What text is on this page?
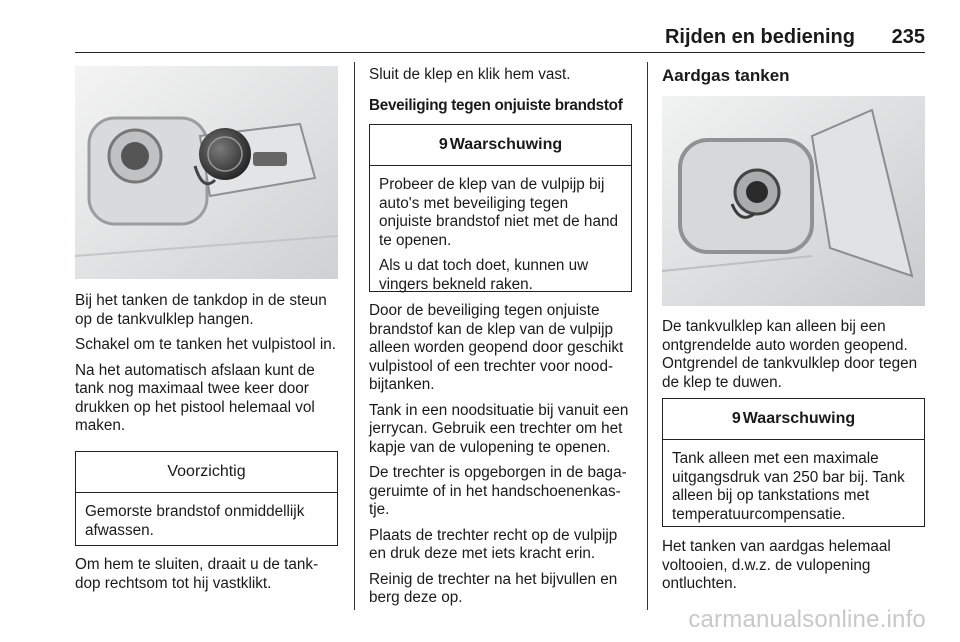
Rijden en bediening 235

Bij het tanken de tankdop in de steun op de tankvulklep hangen.

Schakel om te tanken het vulpistool in.

Na het automatisch afslaan kunt de tank nog maximaal twee keer door drukken op het pistool helemaal vol maken.

Voorzichtig

Gemorste brandstof onmiddellijk afwassen.

Om hem te sluiten, draait u de tank-dop rechtsom tot hij vastklikt.

Sluit de klep en klik hem vast.

Beveiliging tegen onjuiste brandstof
9 Waarschuwing

Probeer de klep van de vulpijp bij auto's met beveiliging tegen onjuiste brandstof niet met de hand te openen.

Als u dat toch doet, kunnen uw vingers bekneld raken.

Door de beveiliging tegen onjuiste brandstof kan de klep van de vulpijp alleen worden geopend door geschikt vulpistool of een trechter voor nood-bijtanken.

Tank in een noodsituatie bij vanuit een jerrycan. Gebruik een trechter om het kapje van de vulopening te openen.

De trechter is opgeborgen in de baga-geruimte of in het handschoenenkas-tje.

Plaats de trechter recht op de vulpijp en druk deze met iets kracht erin.

Reinig de trechter na het bijvullen en berg deze op.

Aardgas tanken

De tankvulklep kan alleen bij een ontgrendelde auto worden geopend. Ontgrendel de tankvulklep door tegen de klep te duwen.

9 Waarschuwing

Tank alleen met een maximale uitgangsdruk van 250 bar bij. Tank alleen bij op tankstations met temperatuurcompensatie.

Het tanken van aardgas helemaal voltooien, d.w.z. de vulopening ontluchten.

carmanualsonline.info
